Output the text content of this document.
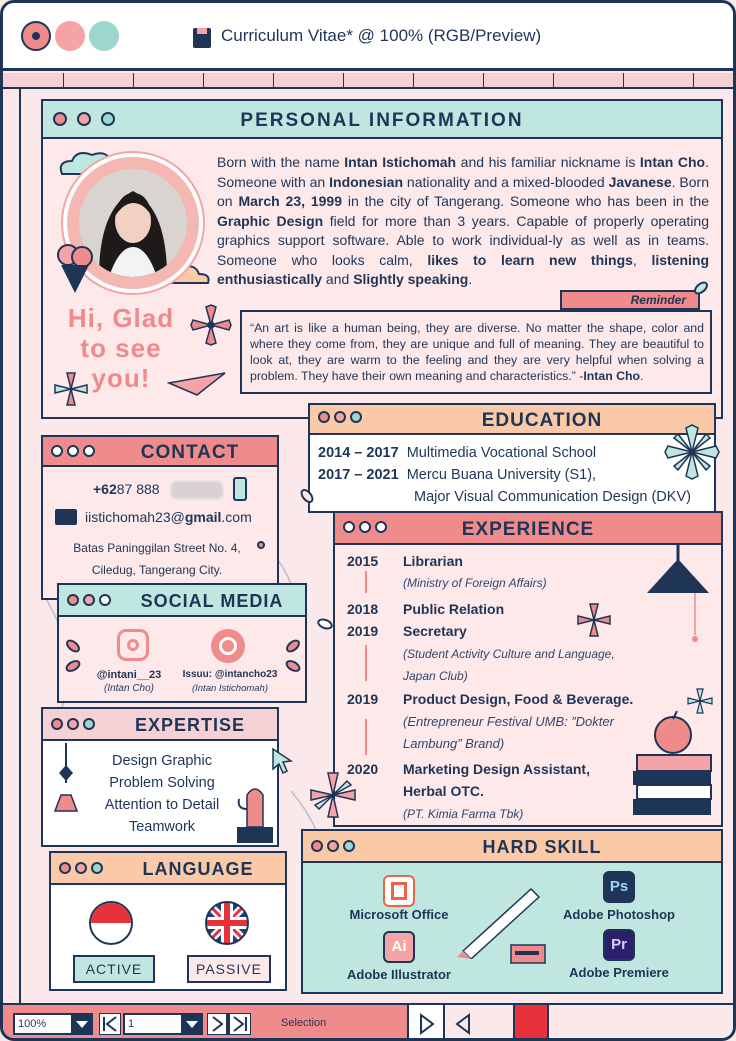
Curriculum Vitae* @ 100% (RGB/Preview)
PERSONAL INFORMATION
Born with the name Intan Istichomah and his familiar nickname is Intan Cho. Someone with an Indonesian nationality and a mixed-blooded Javanese. Born on March 23, 1999 in the city of Tangerang. Someone who has been in the Graphic Design field for more than 3 years. Capable of properly operating graphics support software. Able to work individual-ly as well as in teams. Someone who looks calm, likes to learn new things, listening enthusiastically and Slightly speaking.
Hi, Glad
to see
you!
Reminder
“An art is like a human being, they are diverse. No matter the shape, color and where they come from, they are unique and full of meaning. They are beautiful to look at, they are warm to the feeling and they are very helpful when solving a problem. They have their own meaning and characteristics.” -Intan Cho.
EDUCATION
2014 – 2017 Multimedia Vocational School
2017 – 2021 Mercu Buana University (S1),
Major Visual Communication Design (DKV)
CONTACT
+6287 888
iistichomah23@gmail.com
Batas Paninggilan Street No. 4,
Ciledug, Tangerang City.
EXPERIENCE
2015 Librarian
(Ministry of Foreign Affairs)
2018 Public Relation
2019 Secretary
(Student Activity Culture and Language,
Japan Club)
2019 Product Design, Food & Beverage.
(Entrepreneur Festival UMB: ”Dokter
Lambung” Brand)
2020 Marketing Design Assistant,
Herbal OTC.
(PT. Kimia Farma Tbk)
SOCIAL MEDIA
@intani__23
(Intan Cho)
Issuu: @intancho23
(Intan Istichomah)
EXPERTISE
Design Graphic
Problem Solving
Attention to Detail
Teamwork
LANGUAGE
ACTIVE	PASSIVE
HARD SKILL
Microsoft Office
Ps
Adobe Photoshop
Ai
Adobe Illustrator
Pr
Adobe Premiere
100%	1	Selection
